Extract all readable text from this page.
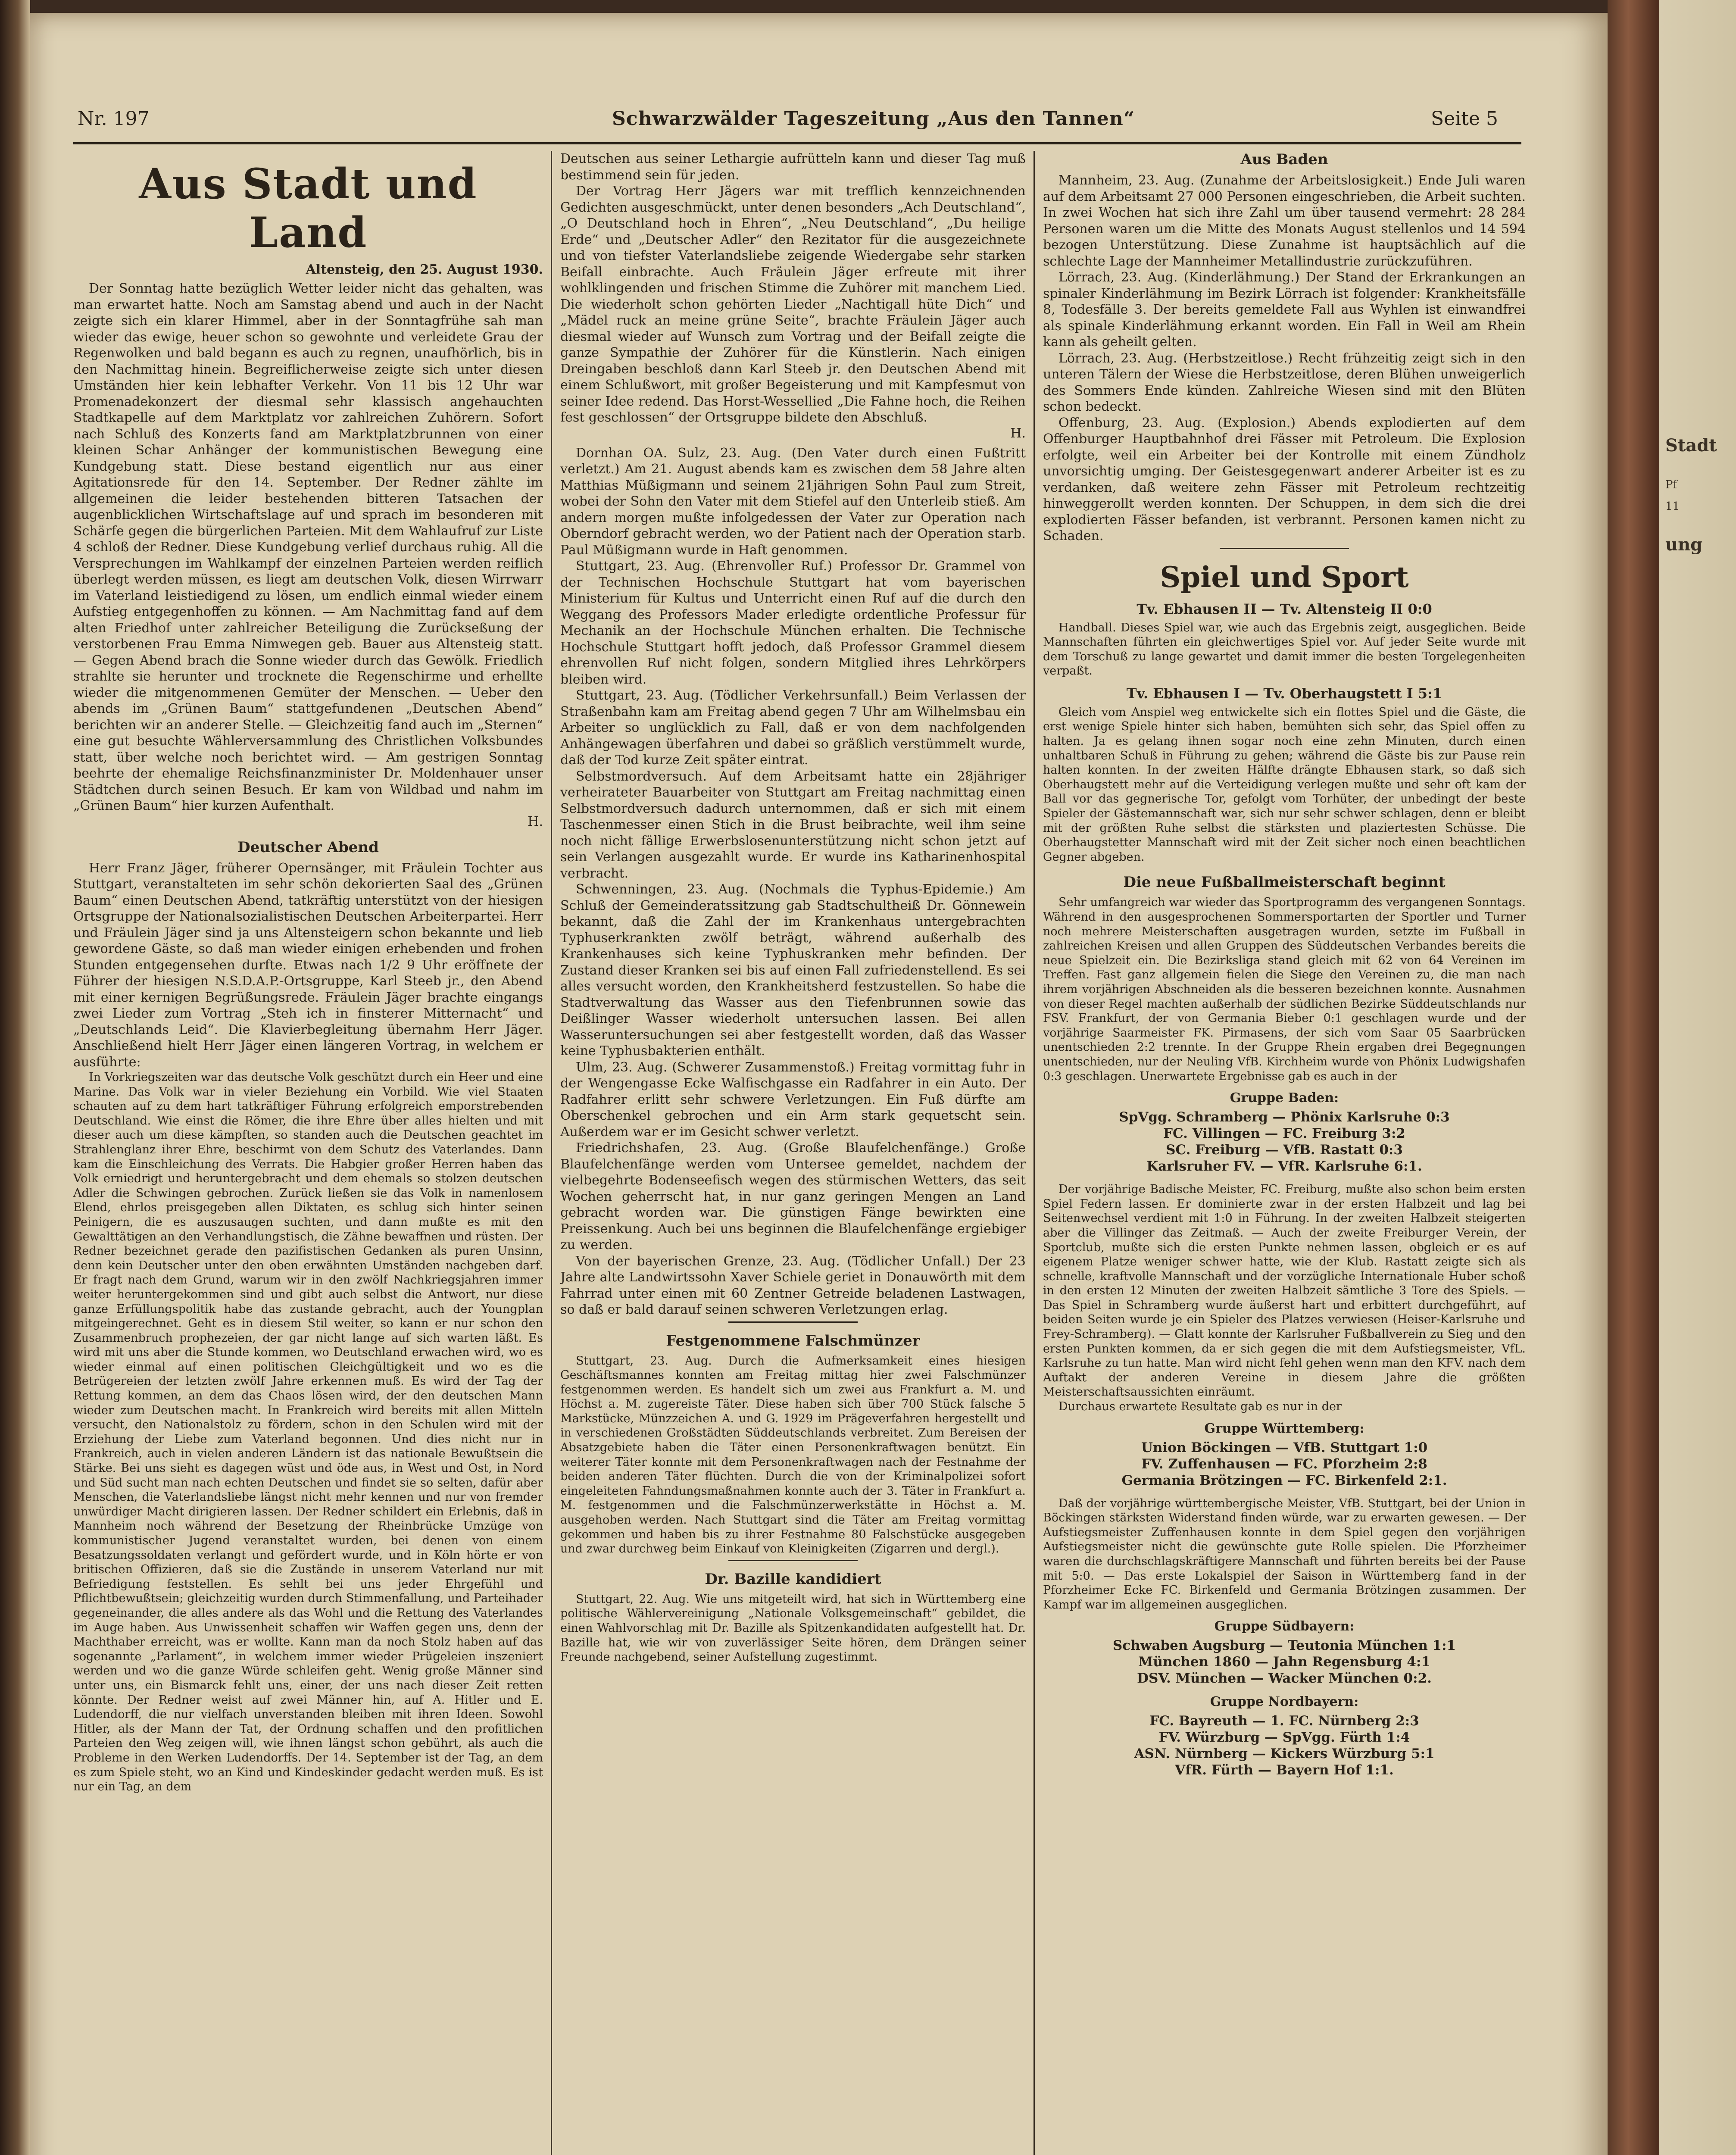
Stadt
Pf
11
ung
Nr. 197	Schwarzwälder Tageszeitung „Aus den Tannen“	Seite 5
Aus Stadt und Land
Altensteig, den 25. August 1930.

Der Sonntag hatte bezüglich Wetter leider nicht das gehalten, was man erwartet hatte. Noch am Samstag abend und auch in der Nacht zeigte sich ein klarer Himmel, aber in der Sonntagfrühe sah man wieder das ewige, heuer schon so gewohnte und verleidete Grau der Regenwolken und bald begann es auch zu regnen, unaufhörlich, bis in den Nachmittag hinein. Begreiflicherweise zeigte sich unter diesen Umständen hier kein lebhafter Verkehr. Von 11 bis 12 Uhr war Promenadekonzert der diesmal sehr klassisch angehauchten Stadtkapelle auf dem Marktplatz vor zahlreichen Zuhörern. Sofort nach Schluß des Konzerts fand am Marktplatzbrunnen von einer kleinen Schar Anhänger der kommunistischen Bewegung eine Kundgebung statt. Diese bestand eigentlich nur aus einer Agitationsrede für den 14. September. Der Redner zählte im allgemeinen die leider bestehenden bitteren Tatsachen der augenblicklichen Wirtschaftslage auf und sprach im besonderen mit Schärfe gegen die bürgerlichen Parteien. Mit dem Wahlaufruf zur Liste 4 schloß der Redner. Diese Kundgebung verlief durchaus ruhig. All die Versprechungen im Wahlkampf der einzelnen Parteien werden reiflich überlegt werden müssen, es liegt am deutschen Volk, diesen Wirrwarr im Vaterland leistiedigend zu lösen, um endlich einmal wieder einem Aufstieg entgegenhoffen zu können. — Am Nachmittag fand auf dem alten Friedhof unter zahlreicher Beteiligung die Zurückseßung der verstorbenen Frau Emma Nimwegen geb. Bauer aus Altensteig statt. — Gegen Abend brach die Sonne wieder durch das Gewölk. Friedlich strahlte sie herunter und trocknete die Regenschirme und erhellte wieder die mitgenommenen Gemüter der Menschen. — Ueber den abends im „Grünen Baum“ stattgefundenen „Deutschen Abend“ berichten wir an anderer Stelle. — Gleichzeitig fand auch im „Sternen“ eine gut besuchte Wählerversammlung des Christlichen Volksbundes statt, über welche noch berichtet wird. — Am gestrigen Sonntag beehrte der ehemalige Reichsfinanzminister Dr. Moldenhauer unser Städtchen durch seinen Besuch. Er kam von Wildbad und nahm im „Grünen Baum“ hier kurzen Aufenthalt.

H.
Deutscher Abend

Herr Franz Jäger, früherer Opernsänger, mit Fräulein Tochter aus Stuttgart, veranstalteten im sehr schön dekorierten Saal des „Grünen Baum“ einen Deutschen Abend, tatkräftig unterstützt von der hiesigen Ortsgruppe der Nationalsozialistischen Deutschen Arbeiterpartei. Herr und Fräulein Jäger sind ja uns Altensteigern schon bekannte und lieb gewordene Gäste, so daß man wieder einigen erhebenden und frohen Stunden entgegensehen durfte. Etwas nach 1/2 9 Uhr eröffnete der Führer der hiesigen N.S.D.A.P.-Ortsgruppe, Karl Steeb jr., den Abend mit einer kernigen Begrüßungsrede. Fräulein Jäger brachte eingangs zwei Lieder zum Vortrag „Steh ich in finsterer Mitternacht“ und „Deutschlands Leid“. Die Klavierbegleitung übernahm Herr Jäger. Anschließend hielt Herr Jäger einen längeren Vortrag, in welchem er ausführte:

In Vorkriegszeiten war das deutsche Volk geschützt durch ein Heer und eine Marine. Das Volk war in vieler Beziehung ein Vorbild. Wie viel Staaten schauten auf zu dem hart tatkräftiger Führung erfolgreich emporstrebenden Deutschland. Wie einst die Römer, die ihre Ehre über alles hielten und mit dieser auch um diese kämpften, so standen auch die Deutschen geachtet im Strahlenglanz ihrer Ehre, beschirmt von dem Schutz des Vaterlandes. Dann kam die Einschleichung des Verrats. Die Habgier großer Herren haben das Volk erniedrigt und heruntergebracht und dem ehemals so stolzen deutschen Adler die Schwingen gebrochen. Zurück ließen sie das Volk in namenlosem Elend, ehrlos preisgegeben allen Diktaten, es schlug sich hinter seinen Peinigern, die es auszusaugen suchten, und dann mußte es mit den Gewalttätigen an den Verhandlungstisch, die Zähne bewaffnen und rüsten. Der Redner bezeichnet gerade den pazifistischen Gedanken als puren Unsinn, denn kein Deutscher unter den oben erwähnten Umständen nachgeben darf. Er fragt nach dem Grund, warum wir in den zwölf Nachkriegsjahren immer weiter heruntergekommen sind und gibt auch selbst die Antwort, nur diese ganze Erfüllungspolitik habe das zustande gebracht, auch der Youngplan mitgeingerechnet. Geht es in diesem Stil weiter, so kann er nur schon den Zusammenbruch prophezeien, der gar nicht lange auf sich warten läßt. Es wird mit uns aber die Stunde kommen, wo Deutschland erwachen wird, wo es wieder einmal auf einen politischen Gleichgültigkeit und wo es die Betrügereien der letzten zwölf Jahre erkennen muß. Es wird der Tag der Rettung kommen, an dem das Chaos lösen wird, der den deutschen Mann wieder zum Deutschen macht. In Frankreich wird bereits mit allen Mitteln versucht, den Nationalstolz zu fördern, schon in den Schulen wird mit der Erziehung der Liebe zum Vaterland begonnen. Und dies nicht nur in Frankreich, auch in vielen anderen Ländern ist das nationale Bewußtsein die Stärke. Bei uns sieht es dagegen wüst und öde aus, in West und Ost, in Nord und Süd sucht man nach echten Deutschen und findet sie so selten, dafür aber Menschen, die Vaterlandsliebe längst nicht mehr kennen und nur von fremder unwürdiger Macht dirigieren lassen. Der Redner schildert ein Erlebnis, daß in Mannheim noch während der Besetzung der Rheinbrücke Umzüge von kommunistischer Jugend veranstaltet wurden, bei denen von einem Besatzungssoldaten verlangt und gefördert wurde, und in Köln hörte er von britischen Offizieren, daß sie die Zustände in unserem Vaterland nur mit Befriedigung feststellen. Es sehlt bei uns jeder Ehrgefühl und Pflichtbewußtsein; gleichzeitig wurden durch Stimmenfallung, und Parteihader gegeneinander, die alles andere als das Wohl und die Rettung des Vaterlandes im Auge haben. Aus Unwissenheit schaffen wir Waffen gegen uns, denn der Machthaber erreicht, was er wollte. Kann man da noch Stolz haben auf das sogenannte „Parlament“, in welchem immer wieder Prügeleien inszeniert werden und wo die ganze Würde schleifen geht. Wenig große Männer sind unter uns, ein Bismarck fehlt uns, einer, der uns nach dieser Zeit retten könnte. Der Redner weist auf zwei Männer hin, auf A. Hitler und E. Ludendorff, die nur vielfach unverstanden bleiben mit ihren Ideen. Sowohl Hitler, als der Mann der Tat, der Ordnung schaffen und den profitlichen Parteien den Weg zeigen will, wie ihnen längst schon gebührt, als auch die Probleme in den Werken Ludendorffs. Der 14. September ist der Tag, an dem es zum Spiele steht, wo an Kind und Kindeskinder gedacht werden muß. Es ist nur ein Tag, an dem

Deutschen aus seiner Lethargie aufrütteln kann und dieser Tag muß bestimmend sein für jeden.

Der Vortrag Herr Jägers war mit trefflich kennzeichnenden Gedichten ausgeschmückt, unter denen besonders „Ach Deutschland“, „O Deutschland hoch in Ehren“, „Neu Deutschland“, „Du heilige Erde“ und „Deutscher Adler“ den Rezitator für die ausgezeichnete und von tiefster Vaterlandsliebe zeigende Wiedergabe sehr starken Beifall einbrachte. Auch Fräulein Jäger erfreute mit ihrer wohlklingenden und frischen Stimme die Zuhörer mit manchem Lied. Die wiederholt schon gehörten Lieder „Nachtigall hüte Dich“ und „Mädel ruck an meine grüne Seite“, brachte Fräulein Jäger auch diesmal wieder auf Wunsch zum Vortrag und der Beifall zeigte die ganze Sympathie der Zuhörer für die Künstlerin. Nach einigen Dreingaben beschloß dann Karl Steeb jr. den Deutschen Abend mit einem Schlußwort, mit großer Begeisterung und mit Kampfesmut von seiner Idee redend. Das Horst-Wessellied „Die Fahne hoch, die Reihen fest geschlossen“ der Ortsgruppe bildete den Abschluß.

H.

Dornhan OA. Sulz, 23. Aug. (Den Vater durch einen Fußtritt verletzt.) Am 21. August abends kam es zwischen dem 58 Jahre alten Matthias Müßigmann und seinem 21jährigen Sohn Paul zum Streit, wobei der Sohn den Vater mit dem Stiefel auf den Unterleib stieß. Am andern morgen mußte infolgedessen der Vater zur Operation nach Oberndorf gebracht werden, wo der Patient nach der Operation starb. Paul Müßigmann wurde in Haft genommen.

Stuttgart, 23. Aug. (Ehrenvoller Ruf.) Professor Dr. Grammel von der Technischen Hochschule Stuttgart hat vom bayerischen Ministerium für Kultus und Unterricht einen Ruf auf die durch den Weggang des Professors Mader erledigte ordentliche Professur für Mechanik an der Hochschule München erhalten. Die Technische Hochschule Stuttgart hofft jedoch, daß Professor Grammel diesem ehrenvollen Ruf nicht folgen, sondern Mitglied ihres Lehrkörpers bleiben wird.

Stuttgart, 23. Aug. (Tödlicher Verkehrsunfall.) Beim Verlassen der Straßenbahn kam am Freitag abend gegen 7 Uhr am Wilhelmsbau ein Arbeiter so unglücklich zu Fall, daß er von dem nachfolgenden Anhängewagen überfahren und dabei so gräßlich verstümmelt wurde, daß der Tod kurze Zeit später eintrat.

Selbstmordversuch. Auf dem Arbeitsamt hatte ein 28jähriger verheirateter Bauarbeiter von Stuttgart am Freitag nachmittag einen Selbstmordversuch dadurch unternommen, daß er sich mit einem Taschenmesser einen Stich in die Brust beibrachte, weil ihm seine noch nicht fällige Erwerbslosenunterstützung nicht schon jetzt auf sein Verlangen ausgezahlt wurde. Er wurde ins Katharinenhospital verbracht.

Schwenningen, 23. Aug. (Nochmals die Typhus-Epidemie.) Am Schluß der Gemeinderatssitzung gab Stadtschultheiß Dr. Gönnewein bekannt, daß die Zahl der im Krankenhaus untergebrachten Typhuserkrankten zwölf beträgt, während außerhalb des Krankenhauses sich keine Typhuskranken mehr befinden. Der Zustand dieser Kranken sei bis auf einen Fall zufriedenstellend. Es sei alles versucht worden, den Krankheitsherd festzustellen. So habe die Stadtverwaltung das Wasser aus den Tiefenbrunnen sowie das Deißlinger Wasser wiederholt untersuchen lassen. Bei allen Wasseruntersuchungen sei aber festgestellt worden, daß das Wasser keine Typhusbakterien enthält.

Ulm, 23. Aug. (Schwerer Zusammenstoß.) Freitag vormittag fuhr in der Wengengasse Ecke Walfischgasse ein Radfahrer in ein Auto. Der Radfahrer erlitt sehr schwere Verletzungen. Ein Fuß dürfte am Oberschenkel gebrochen und ein Arm stark gequetscht sein. Außerdem war er im Gesicht schwer verletzt.

Friedrichshafen, 23. Aug. (Große Blaufelchenfänge.) Große Blaufelchenfänge werden vom Untersee gemeldet, nachdem der vielbegehrte Bodenseefisch wegen des stürmischen Wetters, das seit Wochen geherrscht hat, in nur ganz geringen Mengen an Land gebracht worden war. Die günstigen Fänge bewirkten eine Preissenkung. Auch bei uns beginnen die Blaufelchenfänge ergiebiger zu werden.

Von der bayerischen Grenze, 23. Aug. (Tödlicher Unfall.) Der 23 Jahre alte Landwirtssohn Xaver Schiele geriet in Donauwörth mit dem Fahrrad unter einen mit 60 Zentner Getreide beladenen Lastwagen, so daß er bald darauf seinen schweren Verletzungen erlag.

Festgenommene Falschmünzer

Stuttgart, 23. Aug. Durch die Aufmerksamkeit eines hiesigen Geschäftsmannes konnten am Freitag mittag hier zwei Falschmünzer festgenommen werden. Es handelt sich um zwei aus Frankfurt a. M. und Höchst a. M. zugereiste Täter. Diese haben sich über 700 Stück falsche 5 Markstücke, Münzzeichen A. und G. 1929 im Prägeverfahren hergestellt und in verschiedenen Großstädten Süddeutschlands verbreitet. Zum Bereisen der Absatzgebiete haben die Täter einen Personenkraftwagen benützt. Ein weiterer Täter konnte mit dem Personenkraftwagen nach der Festnahme der beiden anderen Täter flüchten. Durch die von der Kriminalpolizei sofort eingeleiteten Fahndungsmaßnahmen konnte auch der 3. Täter in Frankfurt a. M. festgenommen und die Falschmünzerwerkstätte in Höchst a. M. ausgehoben werden. Nach Stuttgart sind die Täter am Freitag vormittag gekommen und haben bis zu ihrer Festnahme 80 Falschstücke ausgegeben und zwar durchweg beim Einkauf von Kleinigkeiten (Zigarren und dergl.).

Dr. Bazille kandidiert

Stuttgart, 22. Aug. Wie uns mitgeteilt wird, hat sich in Württemberg eine politische Wählervereinigung „Nationale Volksgemeinschaft“ gebildet, die einen Wahlvorschlag mit Dr. Bazille als Spitzenkandidaten aufgestellt hat. Dr. Bazille hat, wie wir von zuverlässiger Seite hören, dem Drängen seiner Freunde nachgebend, seiner Aufstellung zugestimmt.

Aus Baden

Mannheim, 23. Aug. (Zunahme der Arbeitslosigkeit.) Ende Juli waren auf dem Arbeitsamt 27 000 Personen eingeschrieben, die Arbeit suchten. In zwei Wochen hat sich ihre Zahl um über tausend vermehrt: 28 284 Personen waren um die Mitte des Monats August stellenlos und 14 594 bezogen Unterstützung. Diese Zunahme ist hauptsächlich auf die schlechte Lage der Mannheimer Metallindustrie zurückzuführen.

Lörrach, 23. Aug. (Kinderlähmung.) Der Stand der Erkrankungen an spinaler Kinderlähmung im Bezirk Lörrach ist folgender: Krankheitsfälle 8, Todesfälle 3. Der bereits gemeldete Fall aus Wyhlen ist einwandfrei als spinale Kinderlähmung erkannt worden. Ein Fall in Weil am Rhein kann als geheilt gelten.

Lörrach, 23. Aug. (Herbstzeitlose.) Recht frühzeitig zeigt sich in den unteren Tälern der Wiese die Herbstzeitlose, deren Blühen unweigerlich des Sommers Ende künden. Zahlreiche Wiesen sind mit den Blüten schon bedeckt.

Offenburg, 23. Aug. (Explosion.) Abends explodierten auf dem Offenburger Hauptbahnhof drei Fässer mit Petroleum. Die Explosion erfolgte, weil ein Arbeiter bei der Kontrolle mit einem Zündholz unvorsichtig umging. Der Geistesgegenwart anderer Arbeiter ist es zu verdanken, daß weitere zehn Fässer mit Petroleum rechtzeitig hinweggerollt werden konnten. Der Schuppen, in dem sich die drei explodierten Fässer befanden, ist verbrannt. Personen kamen nicht zu Schaden.

Spiel und Sport
Tv. Ebhausen II — Tv. Altensteig II 0:0

Handball. Dieses Spiel war, wie auch das Ergebnis zeigt, ausgeglichen. Beide Mannschaften führten ein gleichwertiges Spiel vor. Auf jeder Seite wurde mit dem Torschuß zu lange gewartet und damit immer die besten Torgelegenheiten verpaßt.

Tv. Ebhausen I — Tv. Oberhaugstett I 5:1

Gleich vom Anspiel weg entwickelte sich ein flottes Spiel und die Gäste, die erst wenige Spiele hinter sich haben, bemühten sich sehr, das Spiel offen zu halten. Ja es gelang ihnen sogar noch eine zehn Minuten, durch einen unhaltbaren Schuß in Führung zu gehen; während die Gäste bis zur Pause rein halten konnten. In der zweiten Hälfte drängte Ebhausen stark, so daß sich Oberhaugstett mehr auf die Verteidigung verlegen mußte und sehr oft kam der Ball vor das gegnerische Tor, gefolgt vom Torhüter, der unbedingt der beste Spieler der Gästemannschaft war, sich nur sehr schwer schlagen, denn er bleibt mit der größten Ruhe selbst die stärksten und plaziertesten Schüsse. Die Oberhaugstetter Mannschaft wird mit der Zeit sicher noch einen beachtlichen Gegner abgeben.

Die neue Fußballmeisterschaft beginnt

Sehr umfangreich war wieder das Sportprogramm des vergangenen Sonntags. Während in den ausgesprochenen Sommersportarten der Sportler und Turner noch mehrere Meisterschaften ausgetragen wurden, setzte im Fußball in zahlreichen Kreisen und allen Gruppen des Süddeutschen Verbandes bereits die neue Spielzeit ein. Die Bezirksliga stand gleich mit 62 von 64 Vereinen im Treffen. Fast ganz allgemein fielen die Siege den Vereinen zu, die man nach ihrem vorjährigen Abschneiden als die besseren bezeichnen konnte. Ausnahmen von dieser Regel machten außerhalb der südlichen Bezirke Süddeutschlands nur FSV. Frankfurt, der von Germania Bieber 0:1 geschlagen wurde und der vorjährige Saarmeister FK. Pirmasens, der sich vom Saar 05 Saarbrücken unentschieden 2:2 trennte. In der Gruppe Rhein ergaben drei Begegnungen unentschieden, nur der Neuling VfB. Kirchheim wurde von Phönix Ludwigshafen 0:3 geschlagen. Unerwartete Ergebnisse gab es auch in der

Gruppe Baden:
SpVgg. Schramberg — Phönix Karlsruhe 0:3
FC. Villingen — FC. Freiburg 3:2
SC. Freiburg — VfB. Rastatt 0:3
Karlsruher FV. — VfR. Karlsruhe 6:1.

Der vorjährige Badische Meister, FC. Freiburg, mußte also schon beim ersten Spiel Federn lassen. Er dominierte zwar in der ersten Halbzeit und lag bei Seitenwechsel verdient mit 1:0 in Führung. In der zweiten Halbzeit steigerten aber die Villinger das Zeitmaß. — Auch der zweite Freiburger Verein, der Sportclub, mußte sich die ersten Punkte nehmen lassen, obgleich er es auf eigenem Platze weniger schwer hatte, wie der Klub. Rastatt zeigte sich als schnelle, kraftvolle Mannschaft und der vorzügliche Internationale Huber schoß in den ersten 12 Minuten der zweiten Halbzeit sämtliche 3 Tore des Spiels. — Das Spiel in Schramberg wurde äußerst hart und erbittert durchgeführt, auf beiden Seiten wurde je ein Spieler des Platzes verwiesen (Heiser-Karlsruhe und Frey-Schramberg). — Glatt konnte der Karlsruher Fußballverein zu Sieg und den ersten Punkten kommen, da er sich gegen die mit dem Aufstiegsmeister, VfL. Karlsruhe zu tun hatte. Man wird nicht fehl gehen wenn man den KFV. nach dem Auftakt der anderen Vereine in diesem Jahre die größten Meisterschaftsaussichten einräumt.

Durchaus erwartete Resultate gab es nur in der

Gruppe Württemberg:
Union Böckingen — VfB. Stuttgart 1:0
FV. Zuffenhausen — FC. Pforzheim 2:8
Germania Brötzingen — FC. Birkenfeld 2:1.

Daß der vorjährige württembergische Meister, VfB. Stuttgart, bei der Union in Böckingen stärksten Widerstand finden würde, war zu erwarten gewesen. — Der Aufstiegsmeister Zuffenhausen konnte in dem Spiel gegen den vorjährigen Aufstiegsmeister nicht die gewünschte gute Rolle spielen. Die Pforzheimer waren die durchschlagskräftigere Mannschaft und führten bereits bei der Pause mit 5:0. — Das erste Lokalspiel der Saison in Württemberg fand in der Pforzheimer Ecke FC. Birkenfeld und Germania Brötzingen zusammen. Der Kampf war im allgemeinen ausgeglichen.

Gruppe Südbayern:
Schwaben Augsburg — Teutonia München 1:1
München 1860 — Jahn Regensburg 4:1
DSV. München — Wacker München 0:2.
Gruppe Nordbayern:
FC. Bayreuth — 1. FC. Nürnberg 2:3
FV. Würzburg — SpVgg. Fürth 1:4
ASN. Nürnberg — Kickers Würzburg 5:1
VfR. Fürth — Bayern Hof 1:1.
